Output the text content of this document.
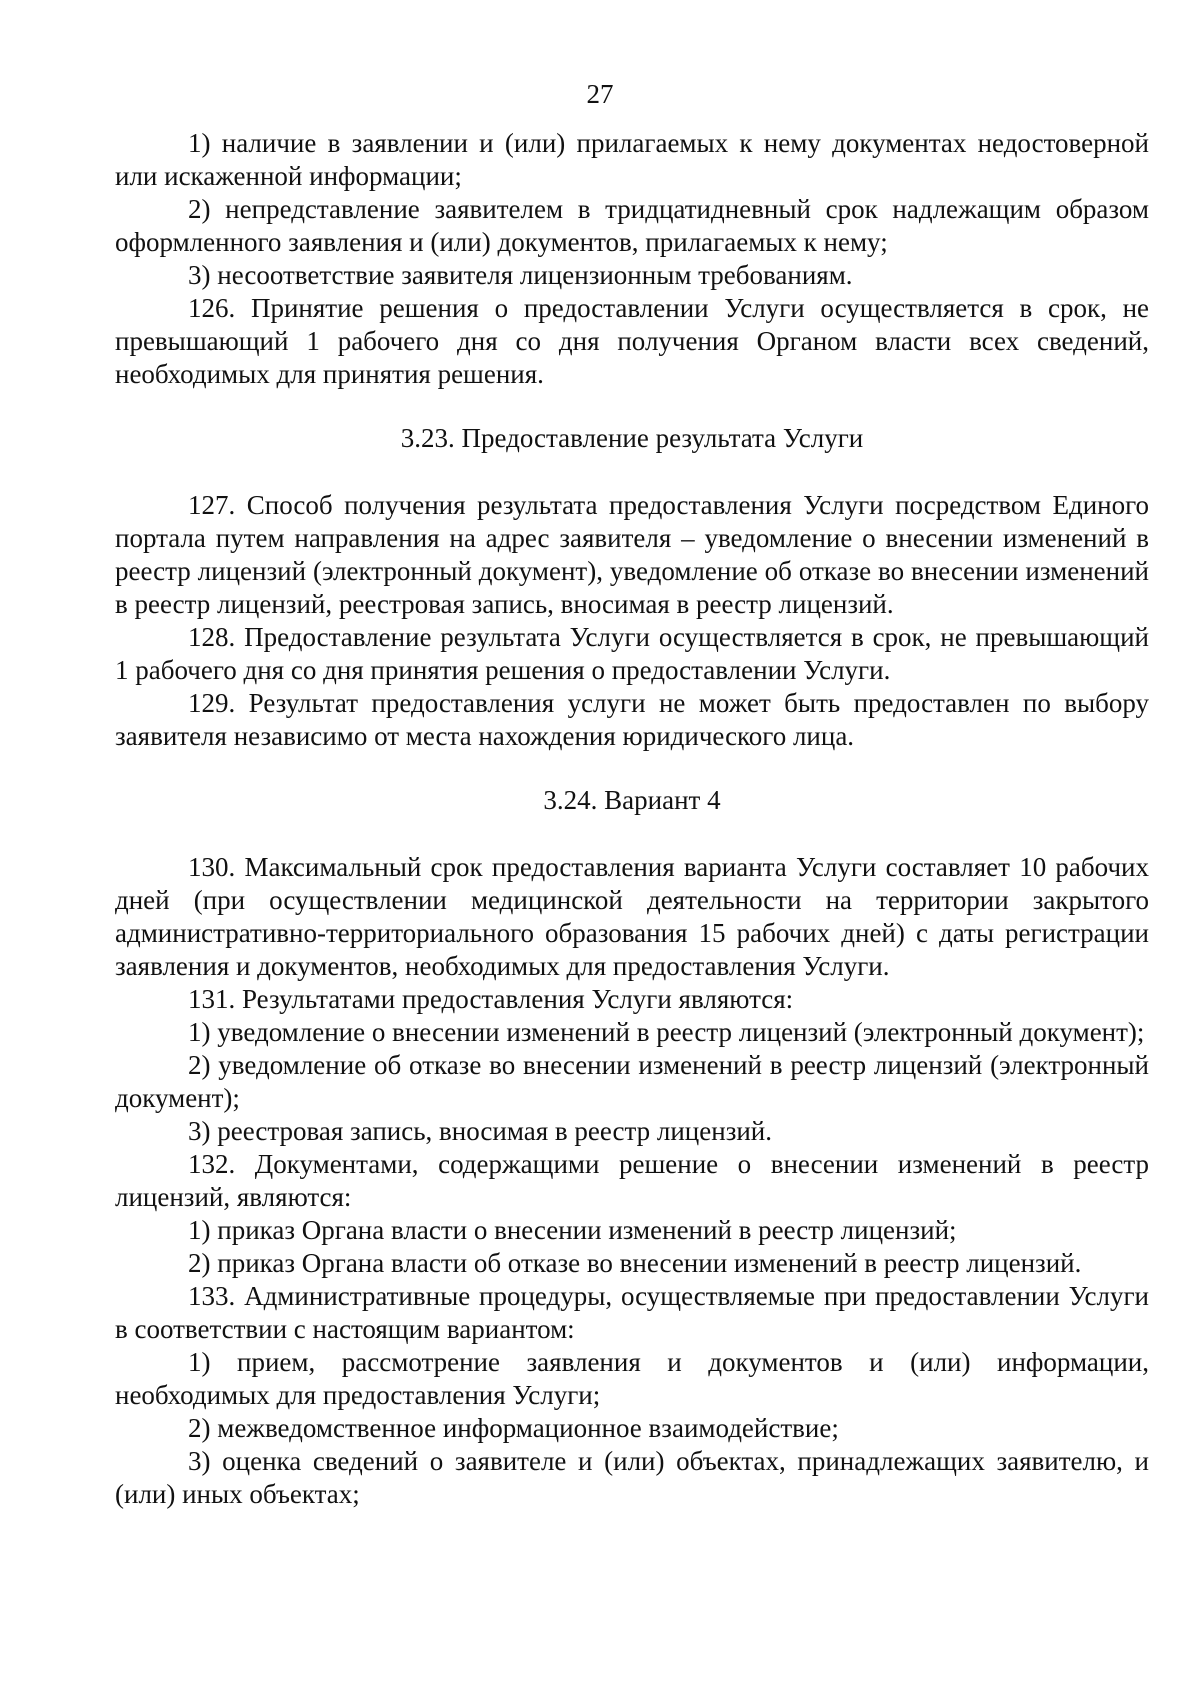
27

1) наличие в заявлении и (или) прилагаемых к нему документах недостоверной или искаженной информации;

2) непредставление заявителем в тридцатидневный срок надлежащим образом оформленного заявления и (или) документов, прилагаемых к нему;

3) несоответствие заявителя лицензионным требованиям.

126. Принятие решения о предоставлении Услуги осуществляется в срок, не превышающий 1 рабочего дня со дня получения Органом власти всех сведений, необходимых для принятия решения.

3.23. Предоставление результата Услуги

127. Способ получения результата предоставления Услуги посредством Единого портала путем направления на адрес заявителя – уведомление о внесении изменений в реестр лицензий (электронный документ), уведомление об отказе во внесении изменений в реестр лицензий, реестровая запись, вносимая в реестр лицензий.

128. Предоставление результата Услуги осуществляется в срок, не превышающий 1 рабочего дня со дня принятия решения о предоставлении Услуги.

129. Результат предоставления услуги не может быть предоставлен по выбору заявителя независимо от места нахождения юридического лица.

3.24. Вариант 4

130. Максимальный срок предоставления варианта Услуги составляет 10 рабочих дней (при осуществлении медицинской деятельности на территории закрытого административно-территориального образования 15 рабочих дней) с даты регистрации заявления и документов, необходимых для предоставления Услуги.

131. Результатами предоставления Услуги являются:

1) уведомление о внесении изменений в реестр лицензий (электронный документ);

2) уведомление об отказе во внесении изменений в реестр лицензий (электронный документ);

3) реестровая запись, вносимая в реестр лицензий.

132. Документами, содержащими решение о внесении изменений в реестр лицензий, являются:

1) приказ Органа власти о внесении изменений в реестр лицензий;

2) приказ Органа власти об отказе во внесении изменений в реестр лицензий.

133. Административные процедуры, осуществляемые при предоставлении Услуги в соответствии с настоящим вариантом:

1) прием, рассмотрение заявления и документов и (или) информации, необходимых для предоставления Услуги;

2) межведомственное информационное взаимодействие;

3) оценка сведений о заявителе и (или) объектах, принадлежащих заявителю, и (или) иных объектах;
